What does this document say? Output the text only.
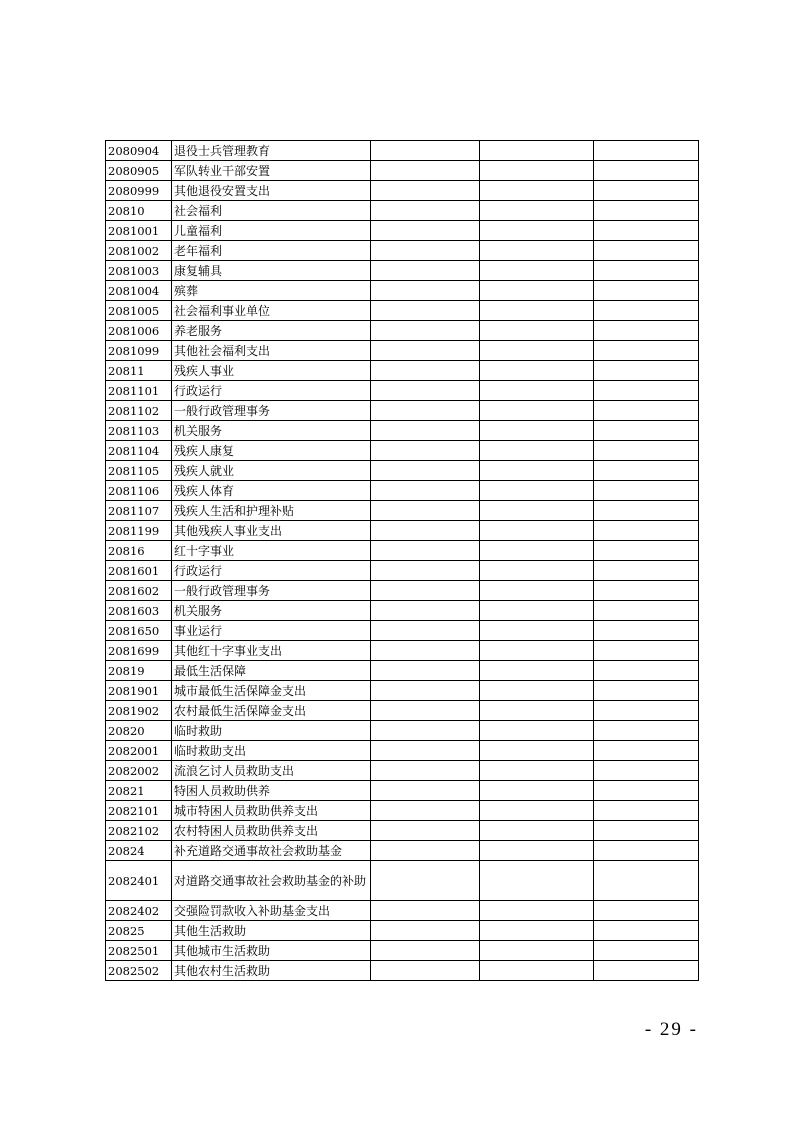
2080904	退役士兵管理教育			
2080905	军队转业干部安置			
2080999	其他退役安置支出			
20810	社会福利			
2081001	儿童福利			
2081002	老年福利			
2081003	康复辅具			
2081004	殡葬			
2081005	社会福利事业单位			
2081006	养老服务			
2081099	其他社会福利支出			
20811	残疾人事业			
2081101	行政运行			
2081102	一般行政管理事务			
2081103	机关服务			
2081104	残疾人康复			
2081105	残疾人就业			
2081106	残疾人体育			
2081107	残疾人生活和护理补贴			
2081199	其他残疾人事业支出			
20816	红十字事业			
2081601	行政运行			
2081602	一般行政管理事务			
2081603	机关服务			
2081650	事业运行			
2081699	其他红十字事业支出			
20819	最低生活保障			
2081901	城市最低生活保障金支出			
2081902	农村最低生活保障金支出			
20820	临时救助			
2082001	临时救助支出			
2082002	流浪乞讨人员救助支出			
20821	特困人员救助供养			
2082101	城市特困人员救助供养支出			
2082102	农村特困人员救助供养支出			
20824	补充道路交通事故社会救助基金			
2082401	对道路交通事故社会救助基金的补助			
2082402	交强险罚款收入补助基金支出			
20825	其他生活救助			
2082501	其他城市生活救助			
2082502	其他农村生活救助			
- 29 -
